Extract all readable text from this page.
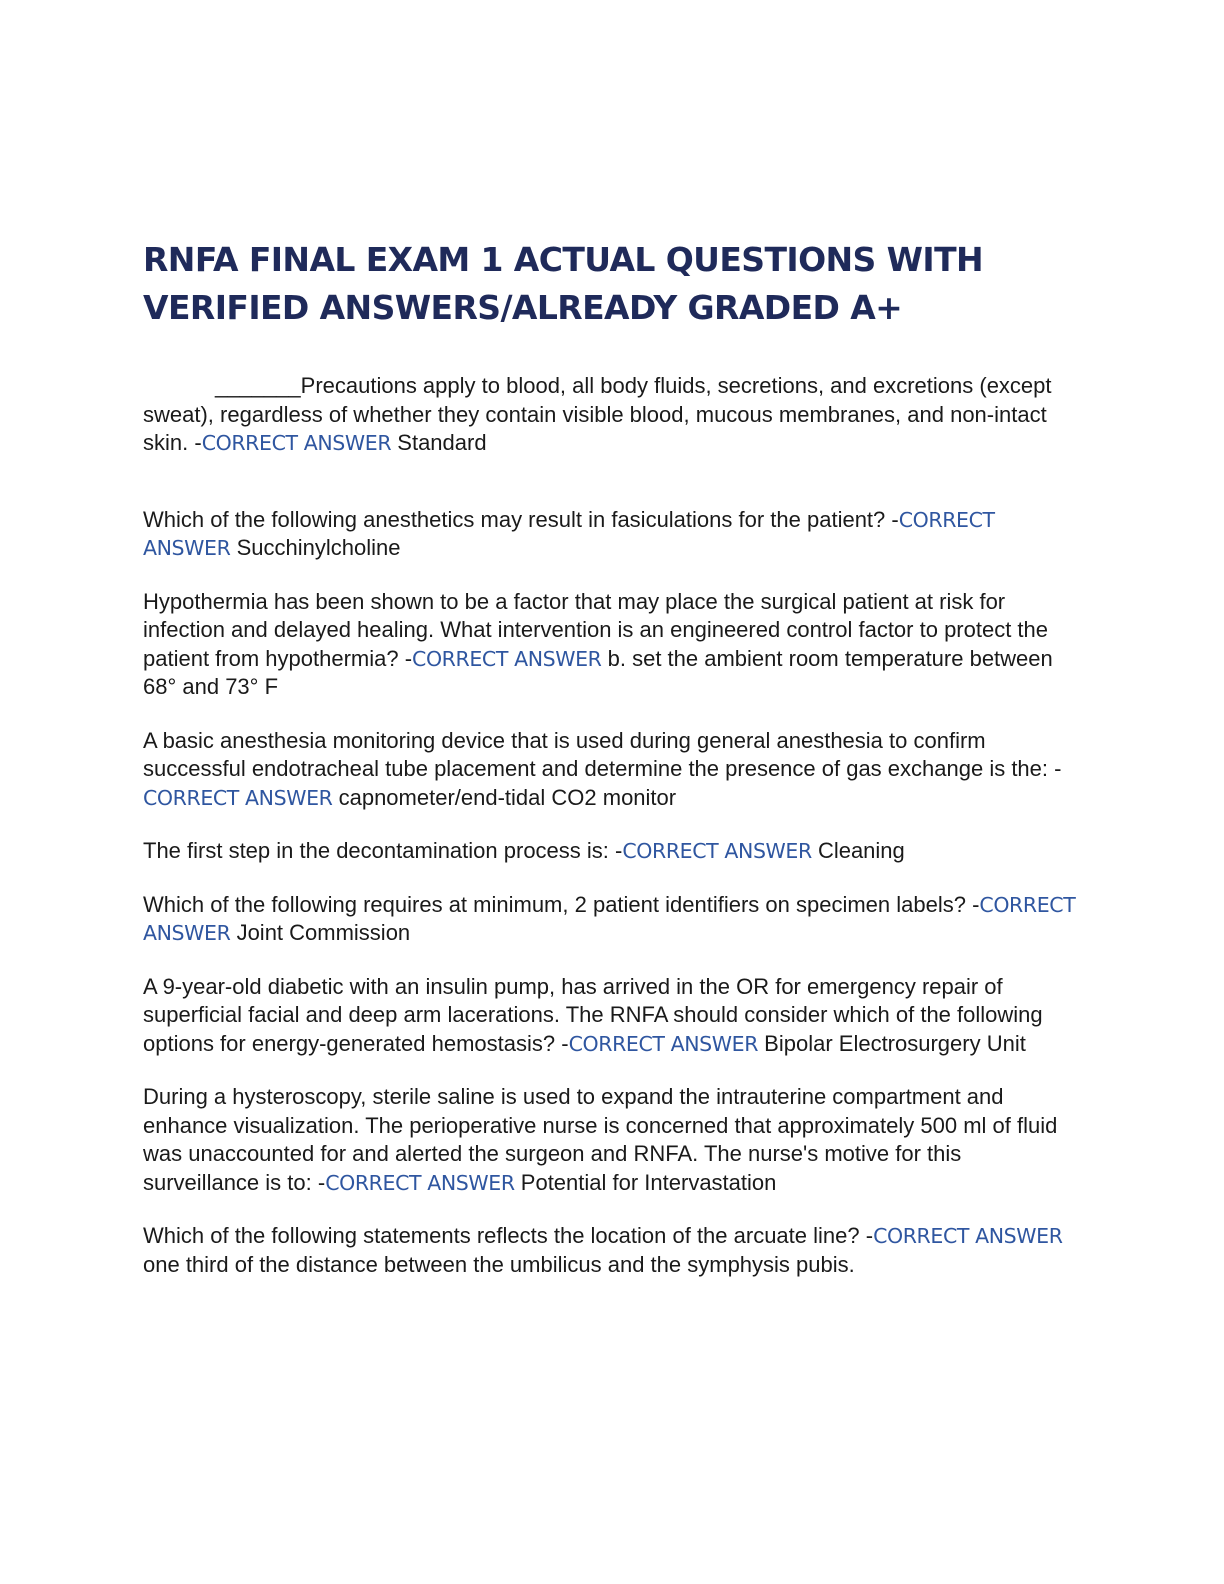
RNFA FINAL EXAM 1 ACTUAL QUESTIONS WITH VERIFIED ANSWERS/ALREADY GRADED A+

_______Precautions apply to blood, all body fluids, secretions, and excretions (except sweat), regardless of whether they contain visible blood, mucous membranes, and non-intact skin. -CORRECT ANSWER Standard

Which of the following anesthetics may result in fasiculations for the patient? -CORRECT ANSWER Succhinylcholine

Hypothermia has been shown to be a factor that may place the surgical patient at risk for infection and delayed healing. What intervention is an engineered control factor to protect the patient from hypothermia? -CORRECT ANSWER b. set the ambient room temperature between 68° and 73° F

A basic anesthesia monitoring device that is used during general anesthesia to confirm successful endotracheal tube placement and determine the presence of gas exchange is the: -CORRECT ANSWER capnometer/end-tidal CO2 monitor

The first step in the decontamination process is: -CORRECT ANSWER Cleaning

Which of the following requires at minimum, 2 patient identifiers on specimen labels? -CORRECT ANSWER Joint Commission

A 9-year-old diabetic with an insulin pump, has arrived in the OR for emergency repair of superficial facial and deep arm lacerations. The RNFA should consider which of the following options for energy-generated hemostasis? -CORRECT ANSWER Bipolar Electrosurgery Unit

During a hysteroscopy, sterile saline is used to expand the intrauterine compartment and enhance visualization. The perioperative nurse is concerned that approximately 500 ml of fluid was unaccounted for and alerted the surgeon and RNFA. The nurse's motive for this surveillance is to: -CORRECT ANSWER Potential for Intervastation

Which of the following statements reflects the location of the arcuate line? -CORRECT ANSWER one third of the distance between the umbilicus and the symphysis pubis.
